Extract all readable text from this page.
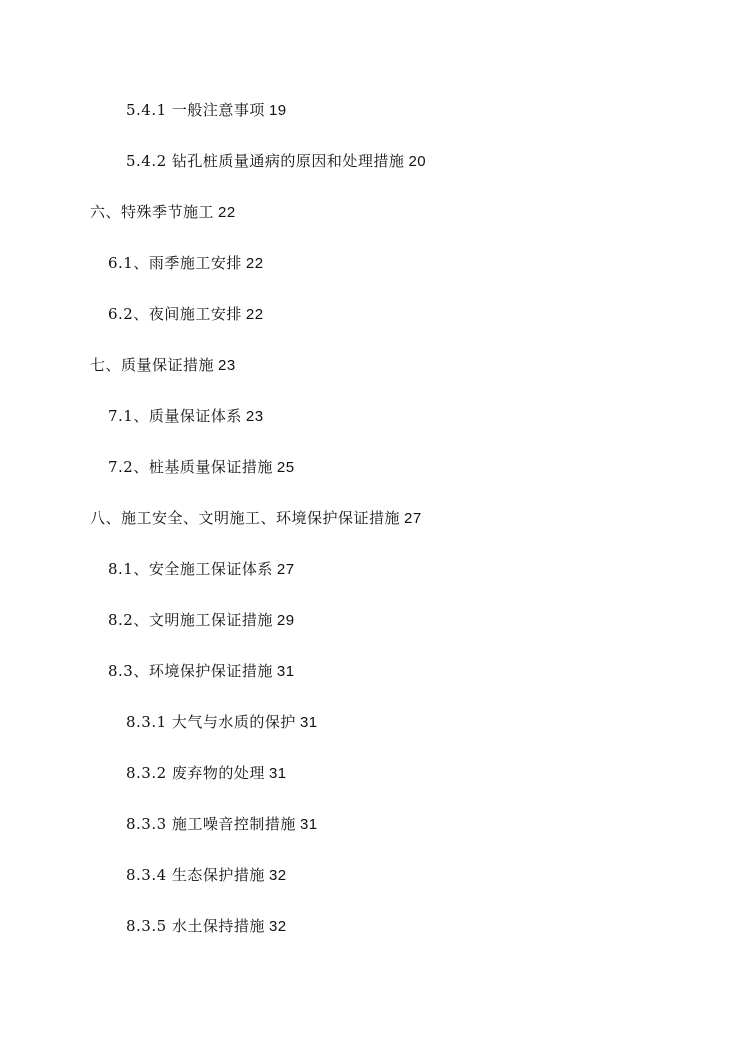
5.4.1 一般注意事项 19
5.4.2 钻孔桩质量通病的原因和处理措施 20
六、特殊季节施工 22
6.1、雨季施工安排 22
6.2、夜间施工安排 22
七、质量保证措施 23
7.1、质量保证体系 23
7.2、桩基质量保证措施 25
八、施工安全、文明施工、环境保护保证措施 27
8.1、安全施工保证体系 27
8.2、文明施工保证措施 29
8.3、环境保护保证措施 31
8.3.1 大气与水质的保护 31
8.3.2 废弃物的处理 31
8.3.3 施工噪音控制措施 31
8.3.4 生态保护措施 32
8.3.5 水土保持措施 32
